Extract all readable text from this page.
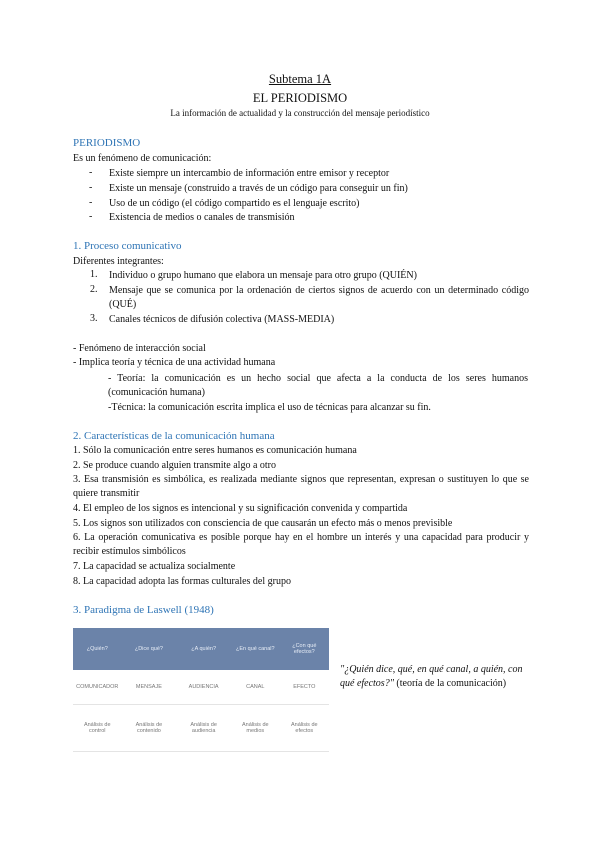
Subtema 1A
EL PERIODISMO
La información de actualidad y la construcción del mensaje periodístico
PERIODISMO
Es un fenómeno de comunicación:
- Existe siempre un intercambio de información entre emisor y receptor
- Existe un mensaje (construido a través de un código para conseguir un fin)
- Uso de un código (el código compartido es el lenguaje escrito)
- Existencia de medios o canales de transmisión
1. Proceso comunicativo
Diferentes integrantes:
1. Individuo o grupo humano que elabora un mensaje para otro grupo (QUIÉN)
2. Mensaje que se comunica por la ordenación de ciertos signos de acuerdo con un determinado código (QUÉ)
3. Canales técnicos de difusión colectiva (MASS-MEDIA)
- Fenómeno de interacción social
- Implica teoría y técnica de una actividad humana
- Teoría: la comunicación es un hecho social que afecta a la conducta de los seres humanos (comunicación humana)
-Técnica: la comunicación escrita implica el uso de técnicas para alcanzar su fin.
2. Características de la comunicación humana
1. Sólo la comunicación entre seres humanos es comunicación humana
2. Se produce cuando alguien transmite algo a otro
3. Esa transmisión es simbólica, es realizada mediante signos que representan, expresan o sustituyen lo que se quiere transmitir
4. El empleo de los signos es intencional y su significación convenida y compartida
5. Los signos son utilizados con consciencia de que causarán un efecto más o menos previsible
6. La operación comunicativa es posible porque hay en el hombre un interés y una capacidad para producir y recibir estímulos simbólicos
7. La capacidad se actualiza socialmente
8. La capacidad adopta las formas culturales del grupo
3. Paradigma de Laswell (1948)
¿Quién?	¿Dice qué?	¿A quién?	¿En qué canal?	¿Con qué efectos?
COMUNICADOR	MENSAJE	AUDIENCIA	CANAL	EFECTO
Análisis de control	Análisis de contenido	Análisis de audiencia	Análisis de medios	Análisis de efectos
"¿Quién dice, qué, en qué canal, a quién, con qué efectos?" (teoría de la comunicación)
